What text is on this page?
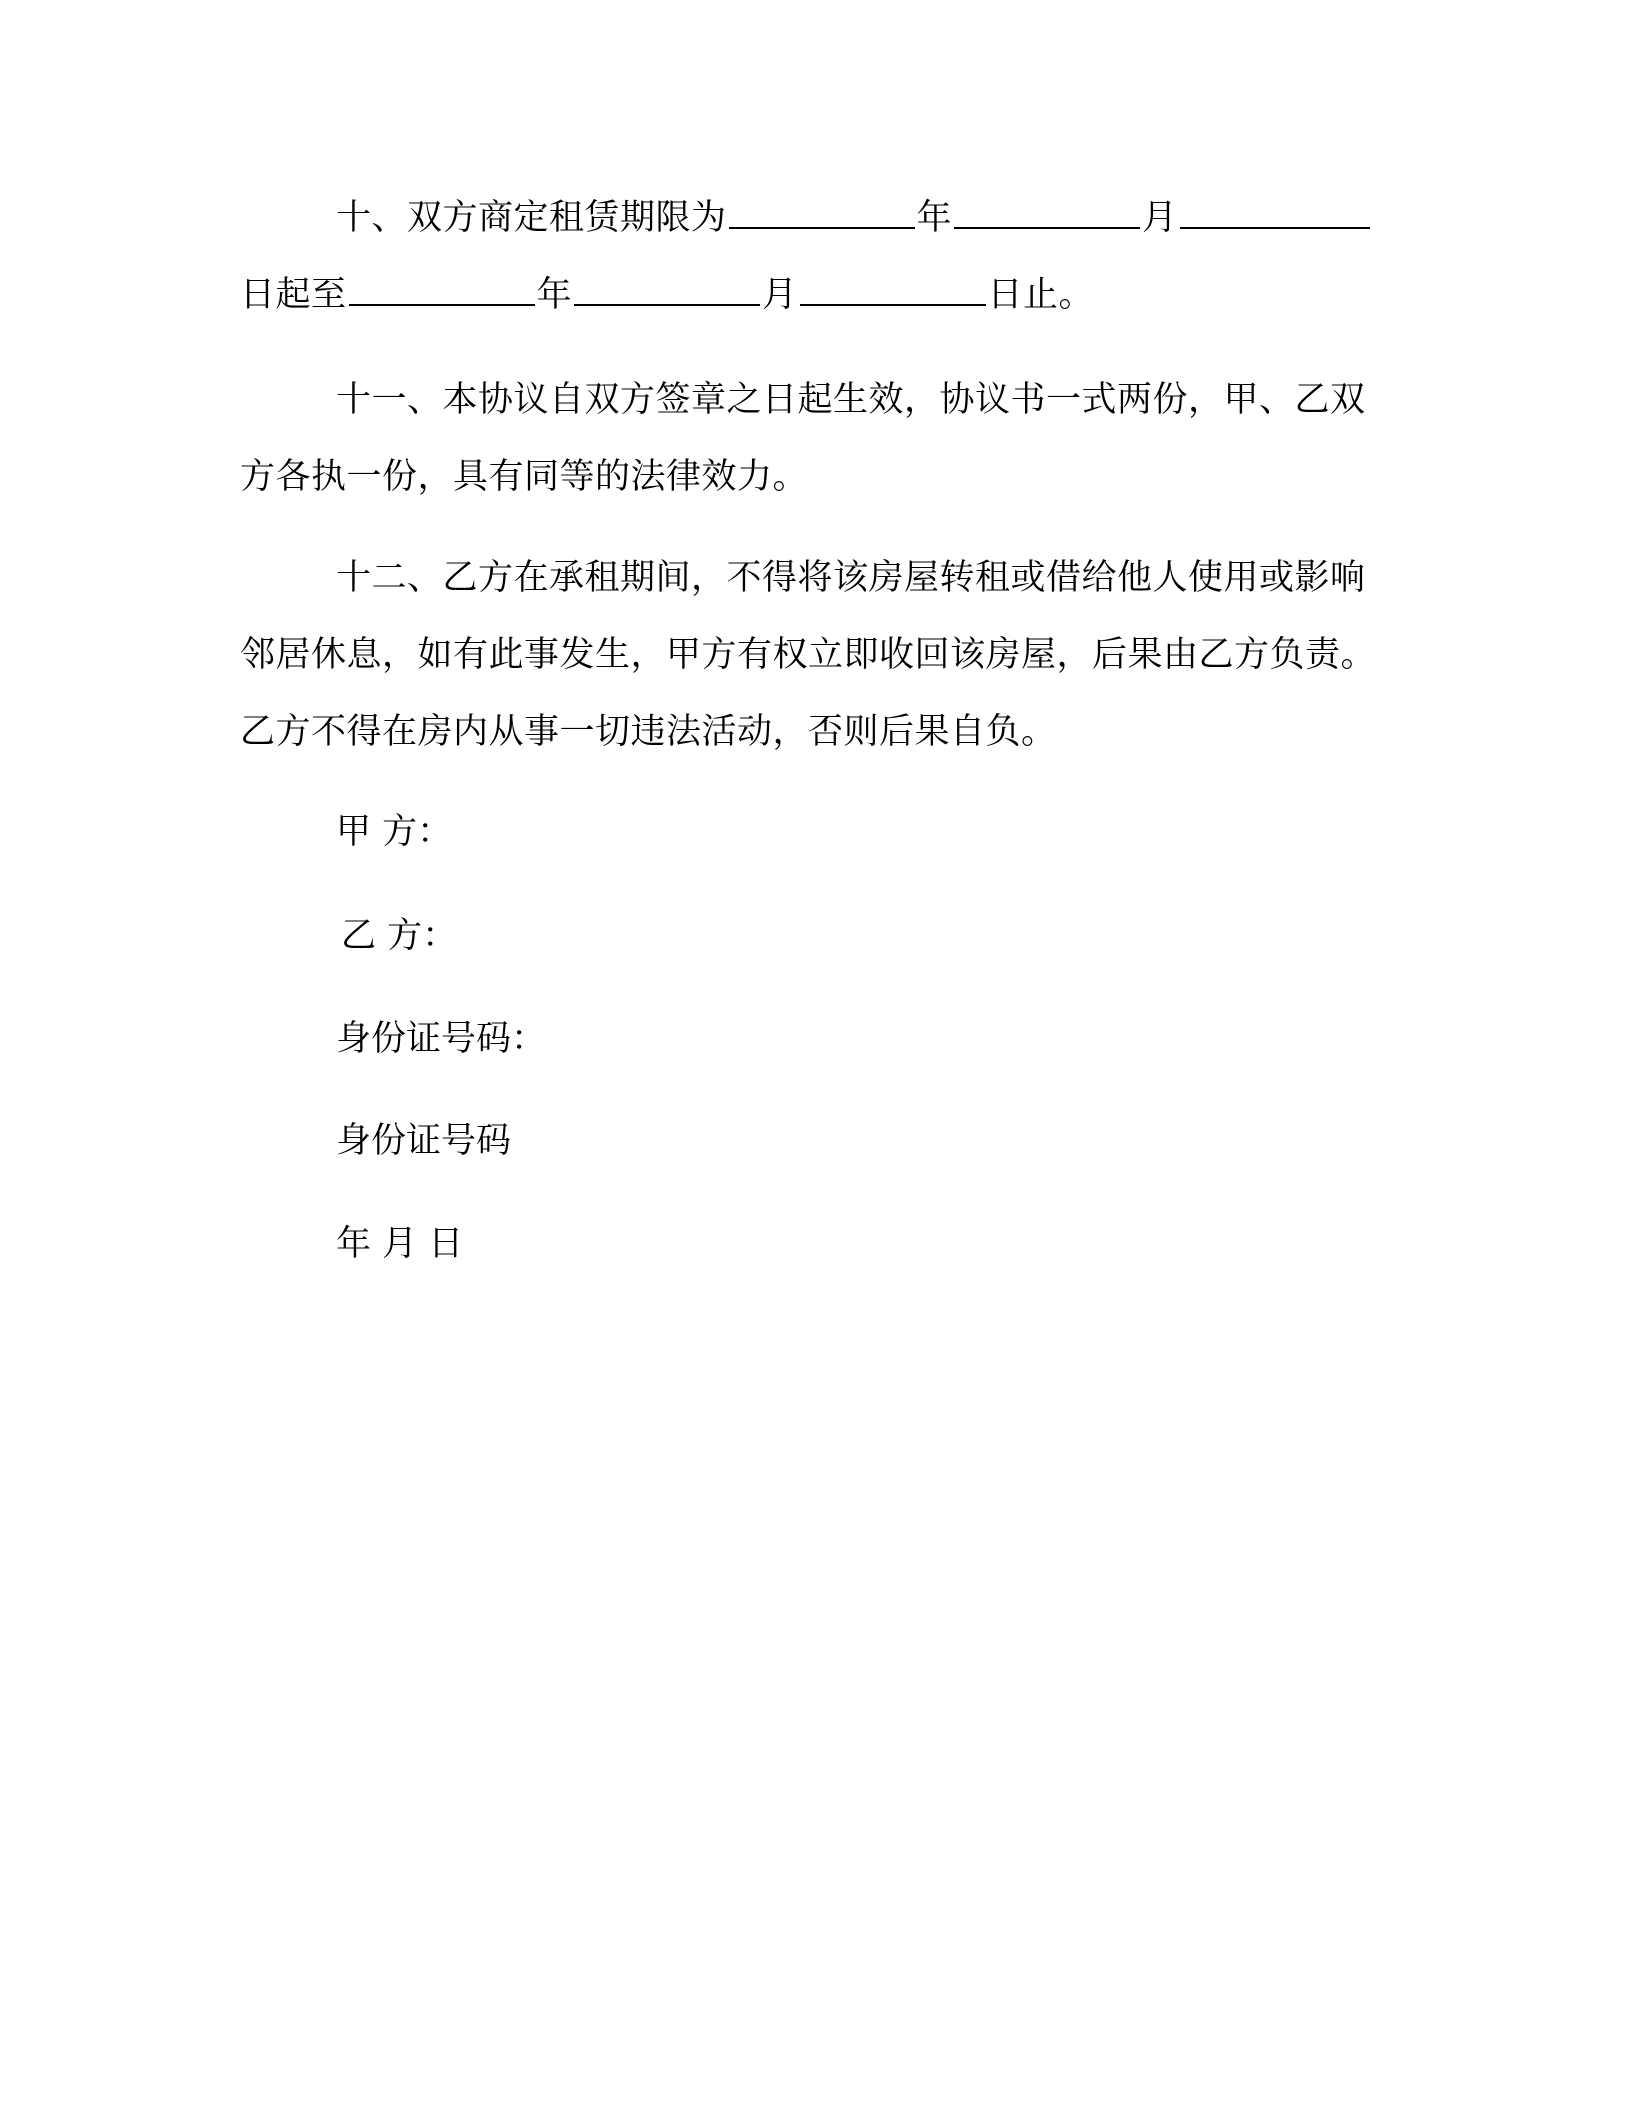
十、双方商定租赁期限为	年	月日起至	年	月	日止。

十一、本协议自双方签章之日起生效，协议书一式两份，甲、乙双方各执一份，具有同等的法律效力。

十二、乙方在承租期间，不得将该房屋转租或借给他人使用或影响邻居休息，如有此事发生，甲方有权立即收回该房屋，后果由乙方负责。乙方不得在房内从事一切违法活动，否则后果自负。

甲 方：

乙 方：

身份证号码：

身份证号码

年 月 日
